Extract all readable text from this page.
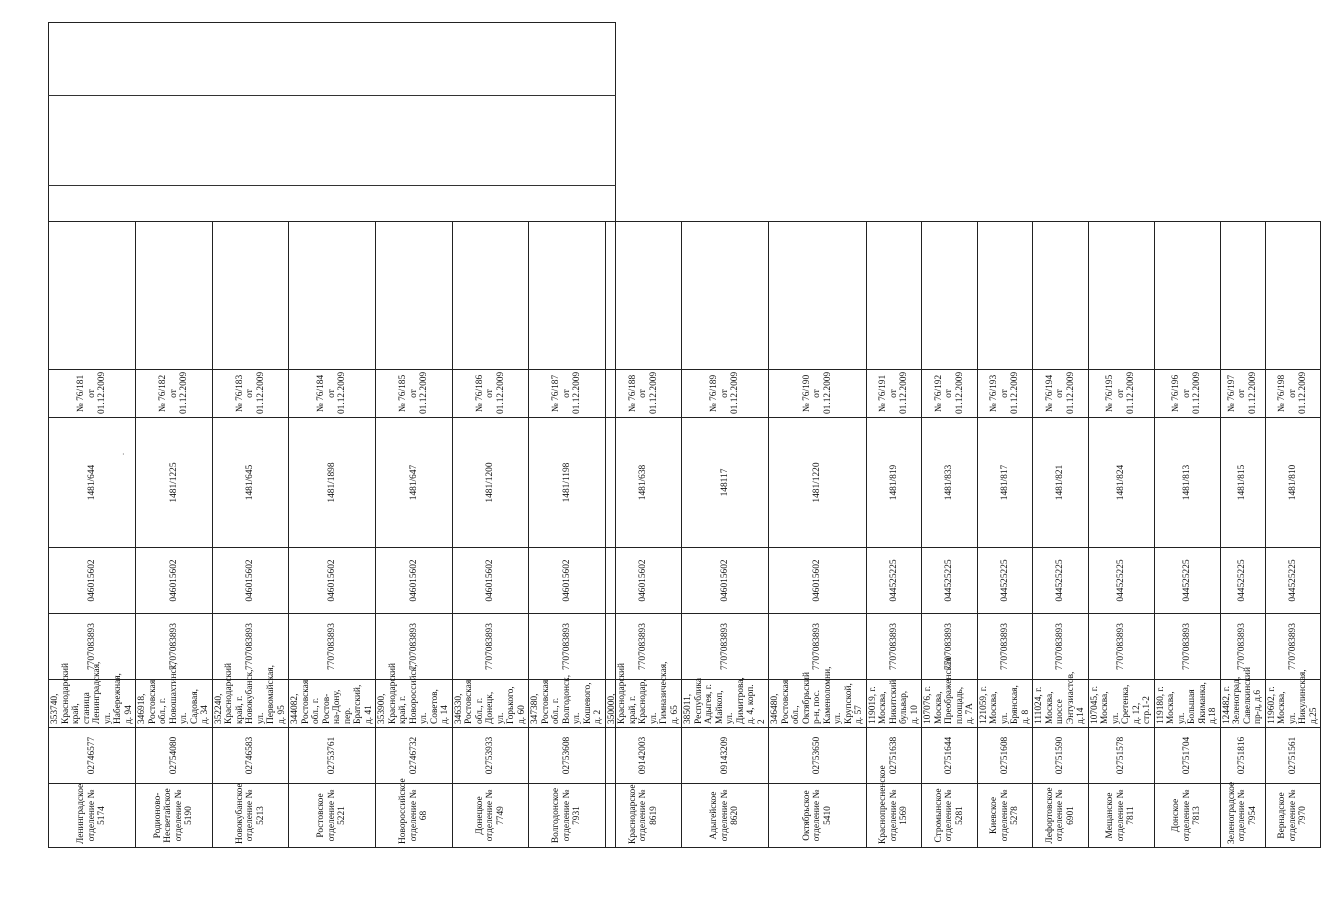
·
Ленинградское отделение № 5174	02746577	353740, Краснодарский край, станица Ленинградская, ул. Набережная, д. 94	7707083893	046015602	1481/644	№ 76/181 от 01.12.2009	
Родионово-Несветайское отделение № 5190	02754080	346918, Ростовская обл., г. Новошахтинск, ул. Садовая, д. 34	7707083893	046015602	1481/1225	№ 76/182 от 01.12.2009	
Новокубанское отделение № 5213	02746583	352240, Краснодарский край, г. Новокубанск, ул. Первомайская, д. 95	7707083893	046015602	1481/645	№ 76/183 от 01.12.2009	
Ростовское отделение № 5221	02753761	344082, Ростовская обл., г. Ростов-на-Дону, пер. Братский, д. 41	7707083893	046015602	1481/1898	№ 76/184 от 01.12.2009	
Новороссийское отделение № 68	02746732	353900, Краснодарский край, г. Новороссийск, ул. Советов, д. 14	7707083893	046015602	1481/647	№ 76/185 от 01.12.2009	
Донецкое отделение № 7749	02753933	346330, Ростовская обл., г. Донецк, ул. Горького, д. 60	7707083893	046015602	1481/1200	№ 76/186 от 01.12.2009	
Волгодонское отделение № 7931	02753608	347380, Ростовская обл., г. Волгодонск, ул. Кошевого, д. 2	7707083893	046015602	1481/1198	№ 76/187 от 01.12.2009	
Краснодарское отделение № 8619	09142003	350000, Краснодарский край, г. Краснодар, ул. Гимназическая, д. 65	7707083893	046015602	1481/638	№ 76/188 от 01.12.2009	
Адыгейское отделение № 8620	09143209	385011, Республика Адыгея, г. Майкоп, ул. Димитрова, д. 4, корп. 2	7707083893	046015602	148117	№ 76/189 от 01.12.2009	
Октябрьское отделение № 5410	02753650	346480, Ростовская обл., Октябрьский р-н, пос. Каменоломни, ул. Крупской, д. 57	7707083893	046015602	1481/1220	№ 76/190 от 01.12.2009	
Краснопресненское отделение № 1569	02751638	119019, г. Москва, Никитский бульвар, д. 10	7707083893	044525225	1481/819	№ 76/191 от 01.12.2009	
Стромынское отделение № 5281	02751644	107076, г. Москва, Преображенская площадь, д. 7А	7707083893	044525225	1481/833	№ 76/192 от 01.12.2009	
Киевское отделение № 5278	02751608	121059, г. Москва, ул. Брянская, д. 8	7707083893	044525225	1481/817	№ 76/193 от 01.12.2009	
Лефортовское отделение № 6901	02751590	111024, г. Москва, шоссе Энтузиастов, д.14	7707083893	044525225	1481/821	№ 76/194 от 01.12.2009	
Мещанское отделение № 7811	02751578	107045, г. Москва, ул. Сретенка, д. 12, стр.1-2	7707083893	044525225	1481/824	№ 76/195 от 01.12.2009	
Донское отделение № 7813	02751704	119180, г. Москва, ул. Большая Якиманка, д.18	7707083893	044525225	1481/813	№ 76/196 от 01.12.2009	
Зеленоградское отделение № 7954	02751816	124482, г. Зеленоград, Савелкинский пр-д, д.6	7707083893	044525225	1481/815	№ 76/197 от 01.12.2009	
Вернадское отделение № 7970	02751561	119602, г. Москва, ул. Никулинская, д.25	7707083893	044525225	1481/810	№ 76/198 от 01.12.2009	
